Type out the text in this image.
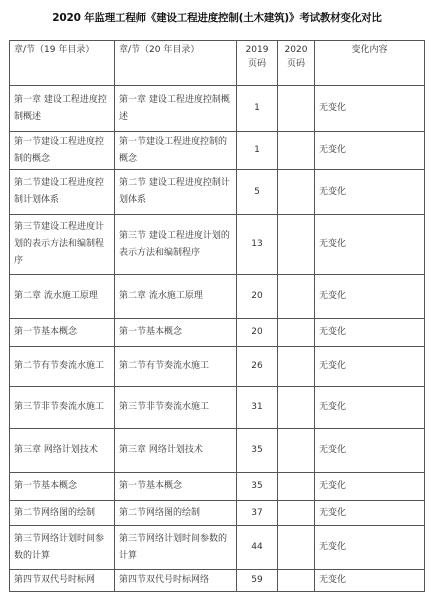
2020 年监理工程师《建设工程进度控制(土木建筑)》考试教材变化对比
章/节（19 年目录）	章/节（20 年目录）	2019 页码	2020 页码	变化内容
第一章 建设工程进度控制概述	第一章 建设工程进度控制概述	1		无变化
第一节建设工程进度控制的概念	第一节建设工程进度控制的概念	1		无变化
第二节建设工程进度控制计划体系	第二节 建设工程进度控制计划体系	5		无变化
第三节建设工程进度计划的表示方法和编制程序	第三节 建设工程进度计划的表示方法和编制程序	13		无变化
第二章 流水施工原理	第二章 流水施工原理	20		无变化
第一节基本概念	第一节基本概念	20		无变化
第二节有节奏流水施工	第二节有节奏流水施工	26		无变化
第三节非节奏流水施工	第三节非节奏流水施工	31		无变化
第三章 网络计划技术	第三章 网络计划技术	35		无变化
第一节基本概念	第一节基本概念	35		无变化
第二节网络图的绘制	第二节网络图的绘制	37		无变化
第三节网络计划时间参数的计算	第三节网络计划时间参数的计算	44		无变化
第四节双代号时标网	第四节双代号时标网络	59		无变化
